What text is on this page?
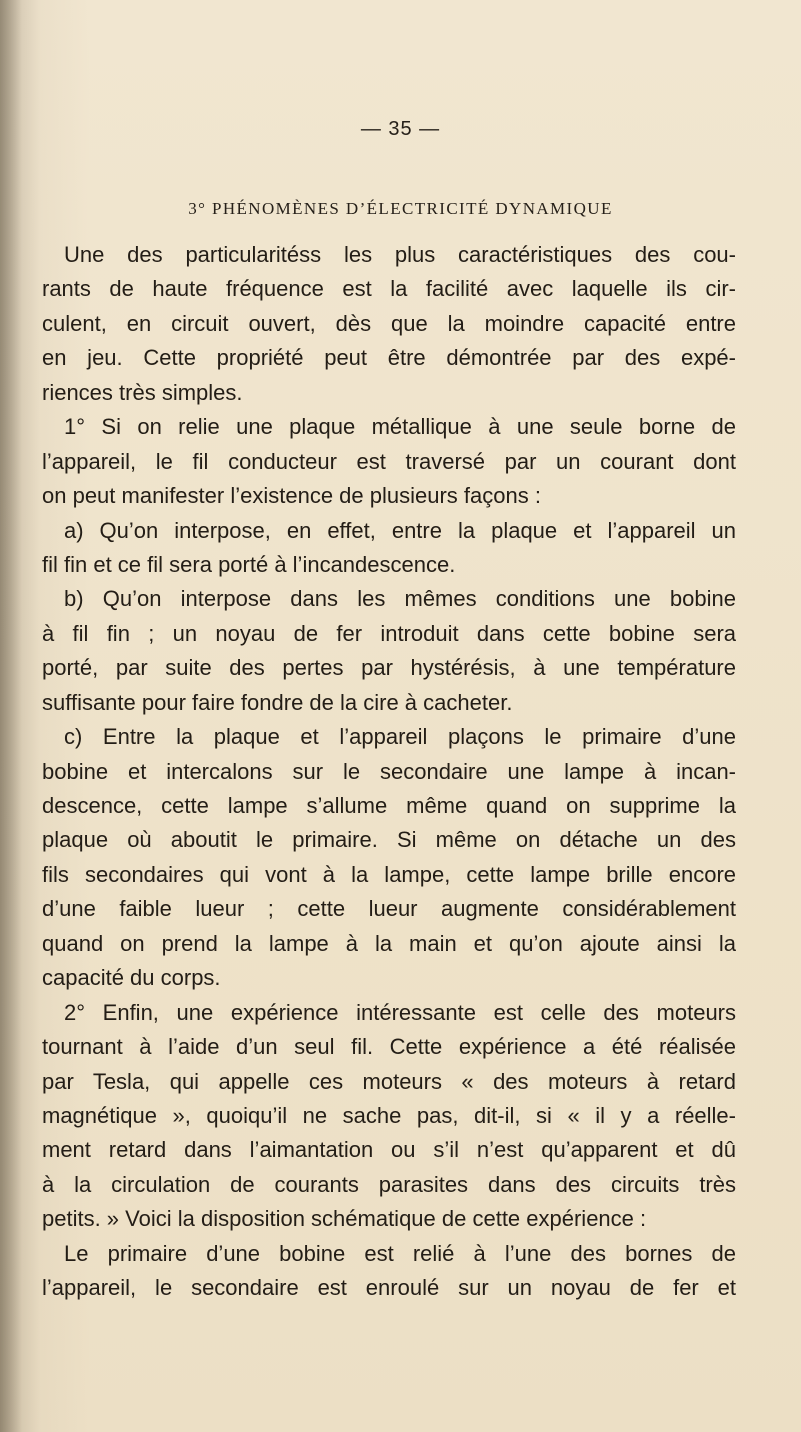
— 35 —
3° PHÉNOMÈNES D’ÉLECTRICITÉ DYNAMIQUE
Une des particularitéss les plus caractéristiques des cou-
rants de haute fréquence est la facilité avec laquelle ils cir-
culent, en circuit ouvert, dès que la moindre capacité entre
en jeu. Cette propriété peut être démontrée par des expé-
riences très simples.
1° Si on relie une plaque métallique à une seule borne de
l’appareil, le fil conducteur est traversé par un courant dont
on peut manifester l’existence de plusieurs façons :
a) Qu’on interpose, en effet, entre la plaque et l’appareil un
fil fin et ce fil sera porté à l’incandescence.
b) Qu’on interpose dans les mêmes conditions une bobine
à fil fin ; un noyau de fer introduit dans cette bobine sera
porté, par suite des pertes par hystérésis, à une température
suffisante pour faire fondre de la cire à cacheter.
c) Entre la plaque et l’appareil plaçons le primaire d’une
bobine et intercalons sur le secondaire une lampe à incan-
descence, cette lampe s’allume même quand on supprime la
plaque où aboutit le primaire. Si même on détache un des
fils secondaires qui vont à la lampe, cette lampe brille encore
d’une faible lueur ; cette lueur augmente considérablement
quand on prend la lampe à la main et qu’on ajoute ainsi la
capacité du corps.
2° Enfin, une expérience intéressante est celle des moteurs
tournant à l’aide d’un seul fil. Cette expérience a été réalisée
par Tesla, qui appelle ces moteurs « des moteurs à retard
magnétique », quoiqu’il ne sache pas, dit-il, si « il y a réelle-
ment retard dans l’aimantation ou s’il n’est qu’apparent et dû
à la circulation de courants parasites dans des circuits très
petits. » Voici la disposition schématique de cette expérience :
Le primaire d’une bobine est relié à l’une des bornes de
l’appareil, le secondaire est enroulé sur un noyau de fer et
